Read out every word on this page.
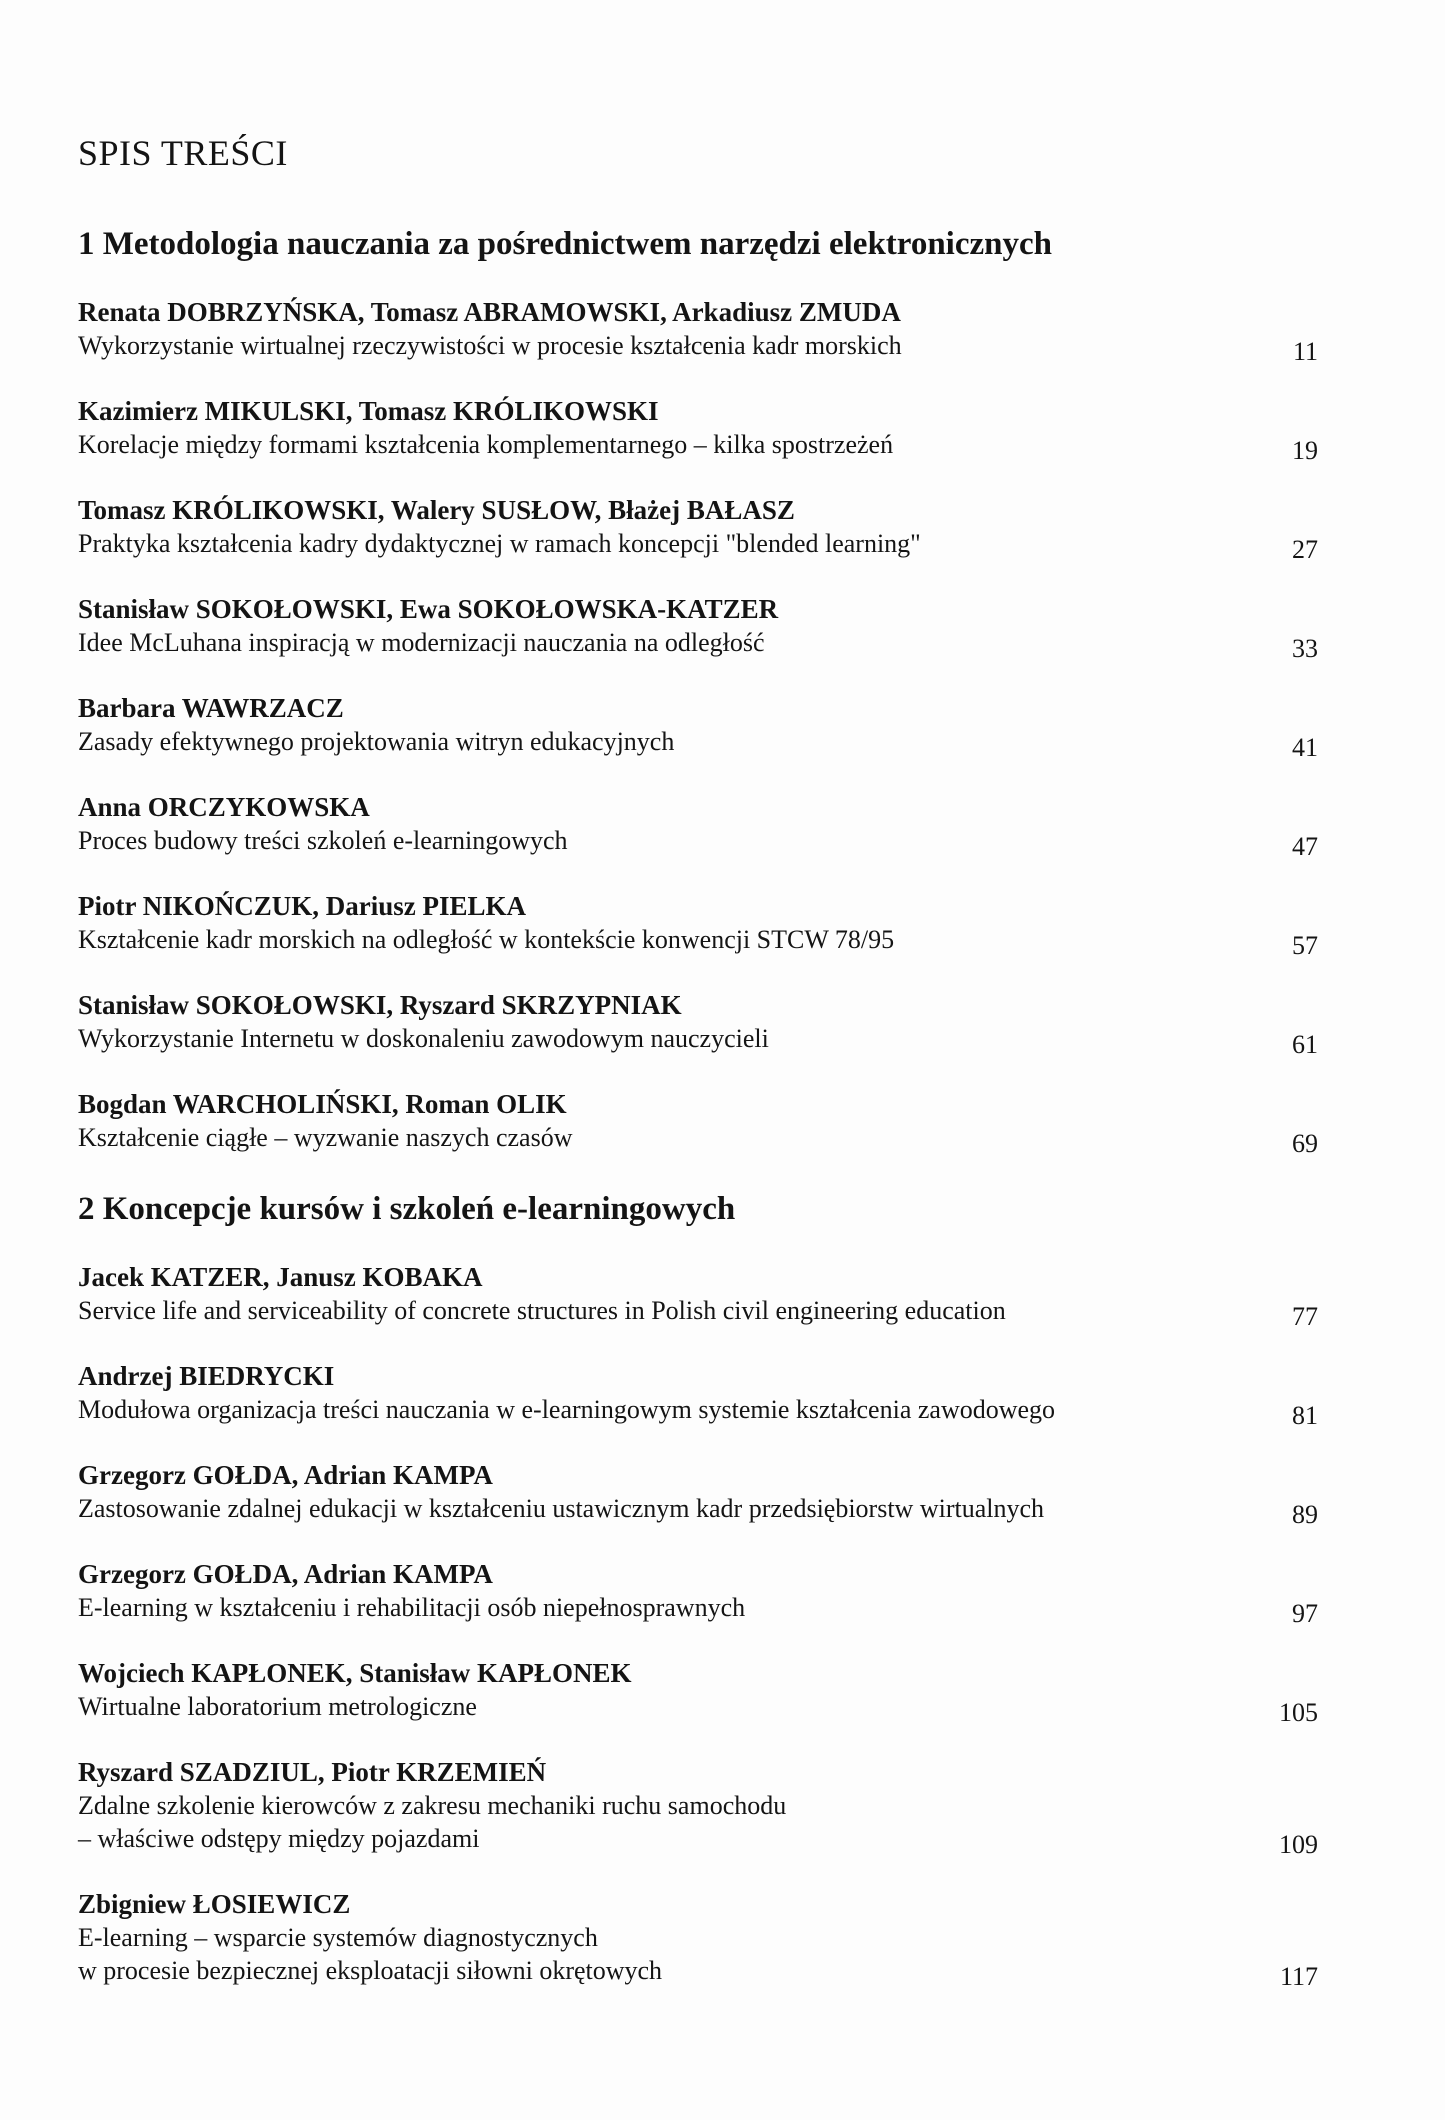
SPIS TREŚCI
1 Metodologia nauczania za pośrednictwem narzędzi elektronicznych
Renata DOBRZYŃSKA, Tomasz ABRAMOWSKI, Arkadiusz ZMUDA
Wykorzystanie wirtualnej rzeczywistości w procesie kształcenia kadr morskich	11
Kazimierz MIKULSKI, Tomasz KRÓLIKOWSKI
Korelacje między formami kształcenia komplementarnego – kilka spostrzeżeń	19
Tomasz KRÓLIKOWSKI, Walery SUSŁOW, Błażej BAŁASZ
Praktyka kształcenia kadry dydaktycznej w ramach koncepcji "blended learning"	27
Stanisław SOKOŁOWSKI, Ewa SOKOŁOWSKA-KATZER
Idee McLuhana inspiracją w modernizacji nauczania na odległość	33
Barbara WAWRZACZ
Zasady efektywnego projektowania witryn edukacyjnych	41
Anna ORCZYKOWSKA
Proces budowy treści szkoleń e-learningowych	47
Piotr NIKOŃCZUK, Dariusz PIELKA
Kształcenie kadr morskich na odległość w kontekście konwencji STCW 78/95	57
Stanisław SOKOŁOWSKI, Ryszard SKRZYPNIAK
Wykorzystanie Internetu w doskonaleniu zawodowym nauczycieli	61
Bogdan WARCHOLIŃSKI, Roman OLIK
Kształcenie ciągłe – wyzwanie naszych czasów	69
2 Koncepcje kursów i szkoleń e-learningowych
Jacek KATZER, Janusz KOBAKA
Service life and serviceability of concrete structures in Polish civil engineering education	77
Andrzej BIEDRYCKI
Modułowa organizacja treści nauczania w e-learningowym systemie kształcenia zawodowego	81
Grzegorz GOŁDA, Adrian KAMPA
Zastosowanie zdalnej edukacji w kształceniu ustawicznym kadr przedsiębiorstw wirtualnych	89
Grzegorz GOŁDA, Adrian KAMPA
E-learning w kształceniu i rehabilitacji osób niepełnosprawnych	97
Wojciech KAPŁONEK, Stanisław KAPŁONEK
Wirtualne laboratorium metrologiczne	105
Ryszard SZADZIUL, Piotr KRZEMIEŃ
Zdalne szkolenie kierowców z zakresu mechaniki ruchu samochodu
– właściwe odstępy między pojazdami	109
Zbigniew ŁOSIEWICZ
E-learning – wsparcie systemów diagnostycznych
w procesie bezpiecznej eksploatacji siłowni okrętowych	117
